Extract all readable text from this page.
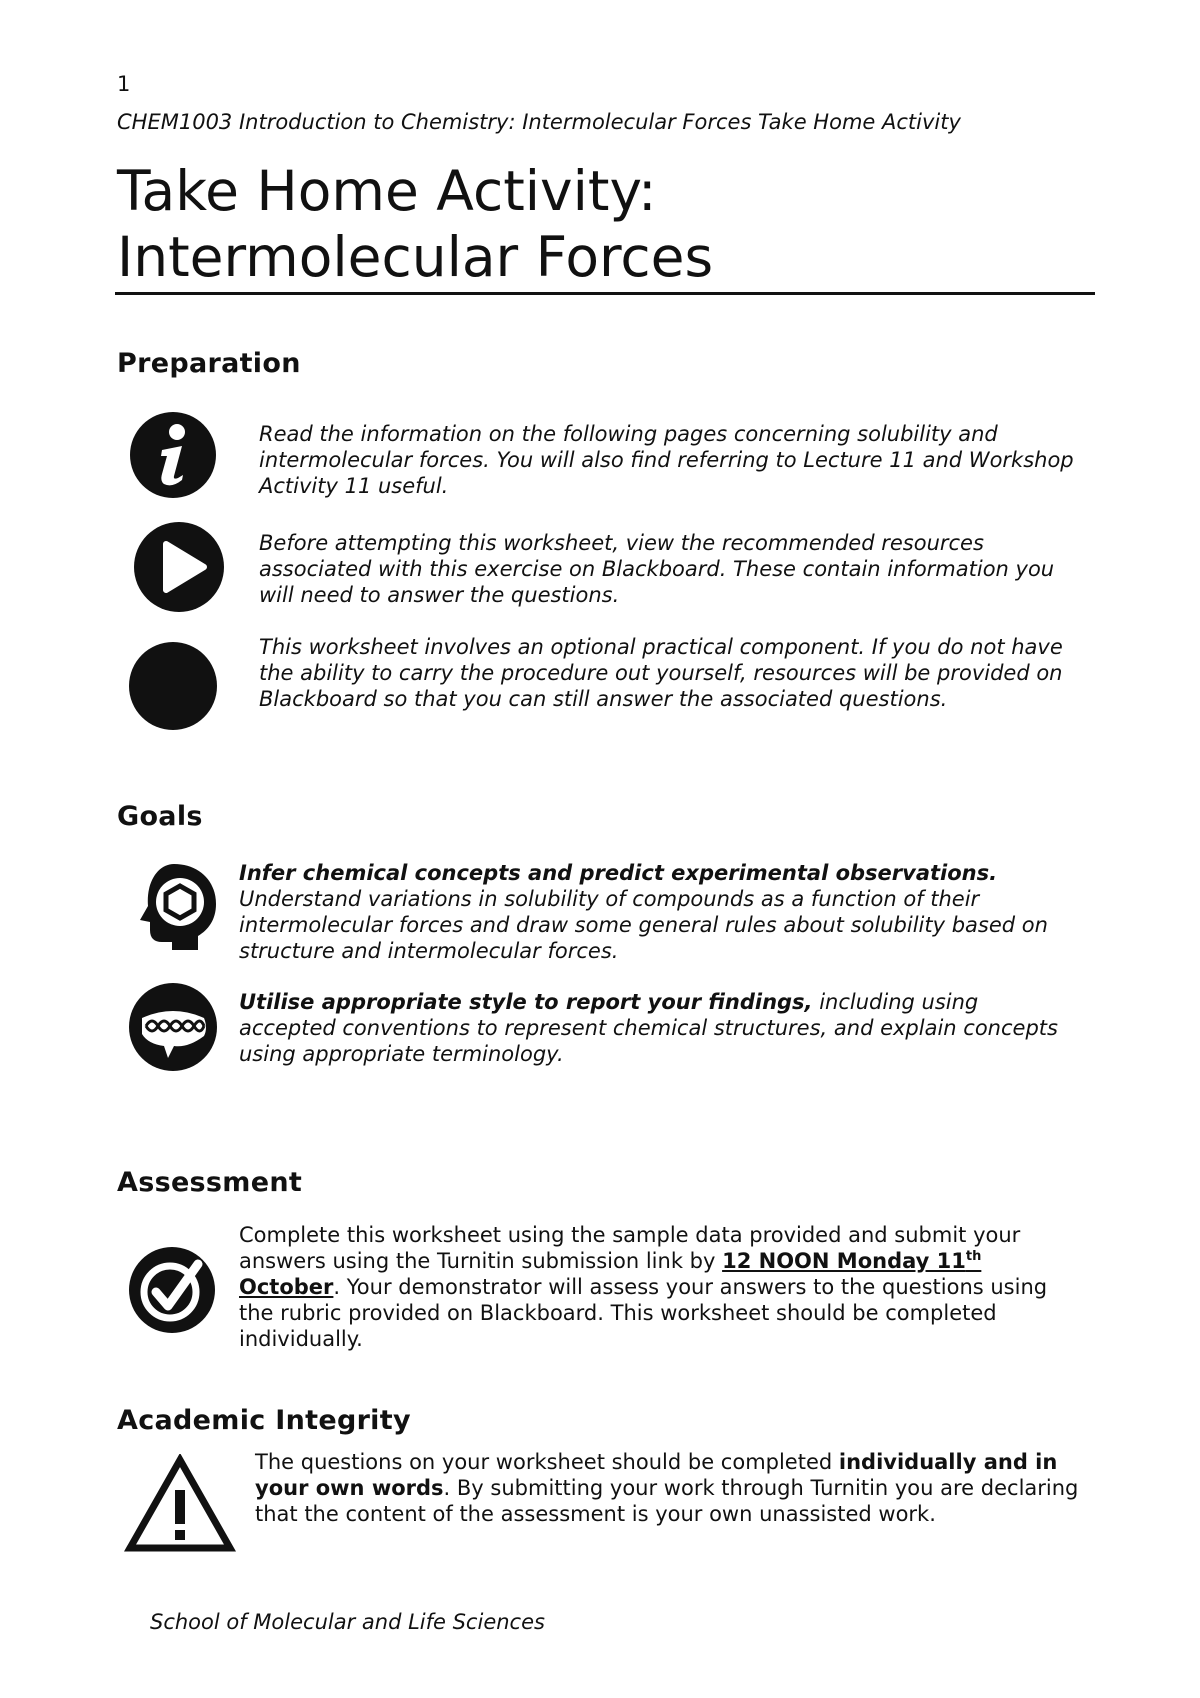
1
CHEM1003 Introduction to Chemistry: Intermolecular Forces Take Home Activity
Take Home Activity:
Intermolecular Forces
Preparation
Read the information on the following pages concerning solubility and intermolecular forces. You will also find referring to Lecture 11 and Workshop Activity 11 useful.
Before attempting this worksheet, view the recommended resources associated with this exercise on Blackboard. These contain information you will need to answer the questions.
This worksheet involves an optional practical component. If you do not have the ability to carry the procedure out yourself, resources will be provided on Blackboard so that you can still answer the associated questions.
Goals
Infer chemical concepts and predict experimental observations. Understand variations in solubility of compounds as a function of their intermolecular forces and draw some general rules about solubility based on structure and intermolecular forces.
Utilise appropriate style to report your findings, including using accepted conventions to represent chemical structures, and explain concepts using appropriate terminology.
Assessment
Complete this worksheet using the sample data provided and submit your answers using the Turnitin submission link by 12 NOON Monday 11th October. Your demonstrator will assess your answers to the questions using the rubric provided on Blackboard. This worksheet should be completed individually.
Academic Integrity
The questions on your worksheet should be completed individually and in your own words. By submitting your work through Turnitin you are declaring that the content of the assessment is your own unassisted work.
School of Molecular and Life Sciences
